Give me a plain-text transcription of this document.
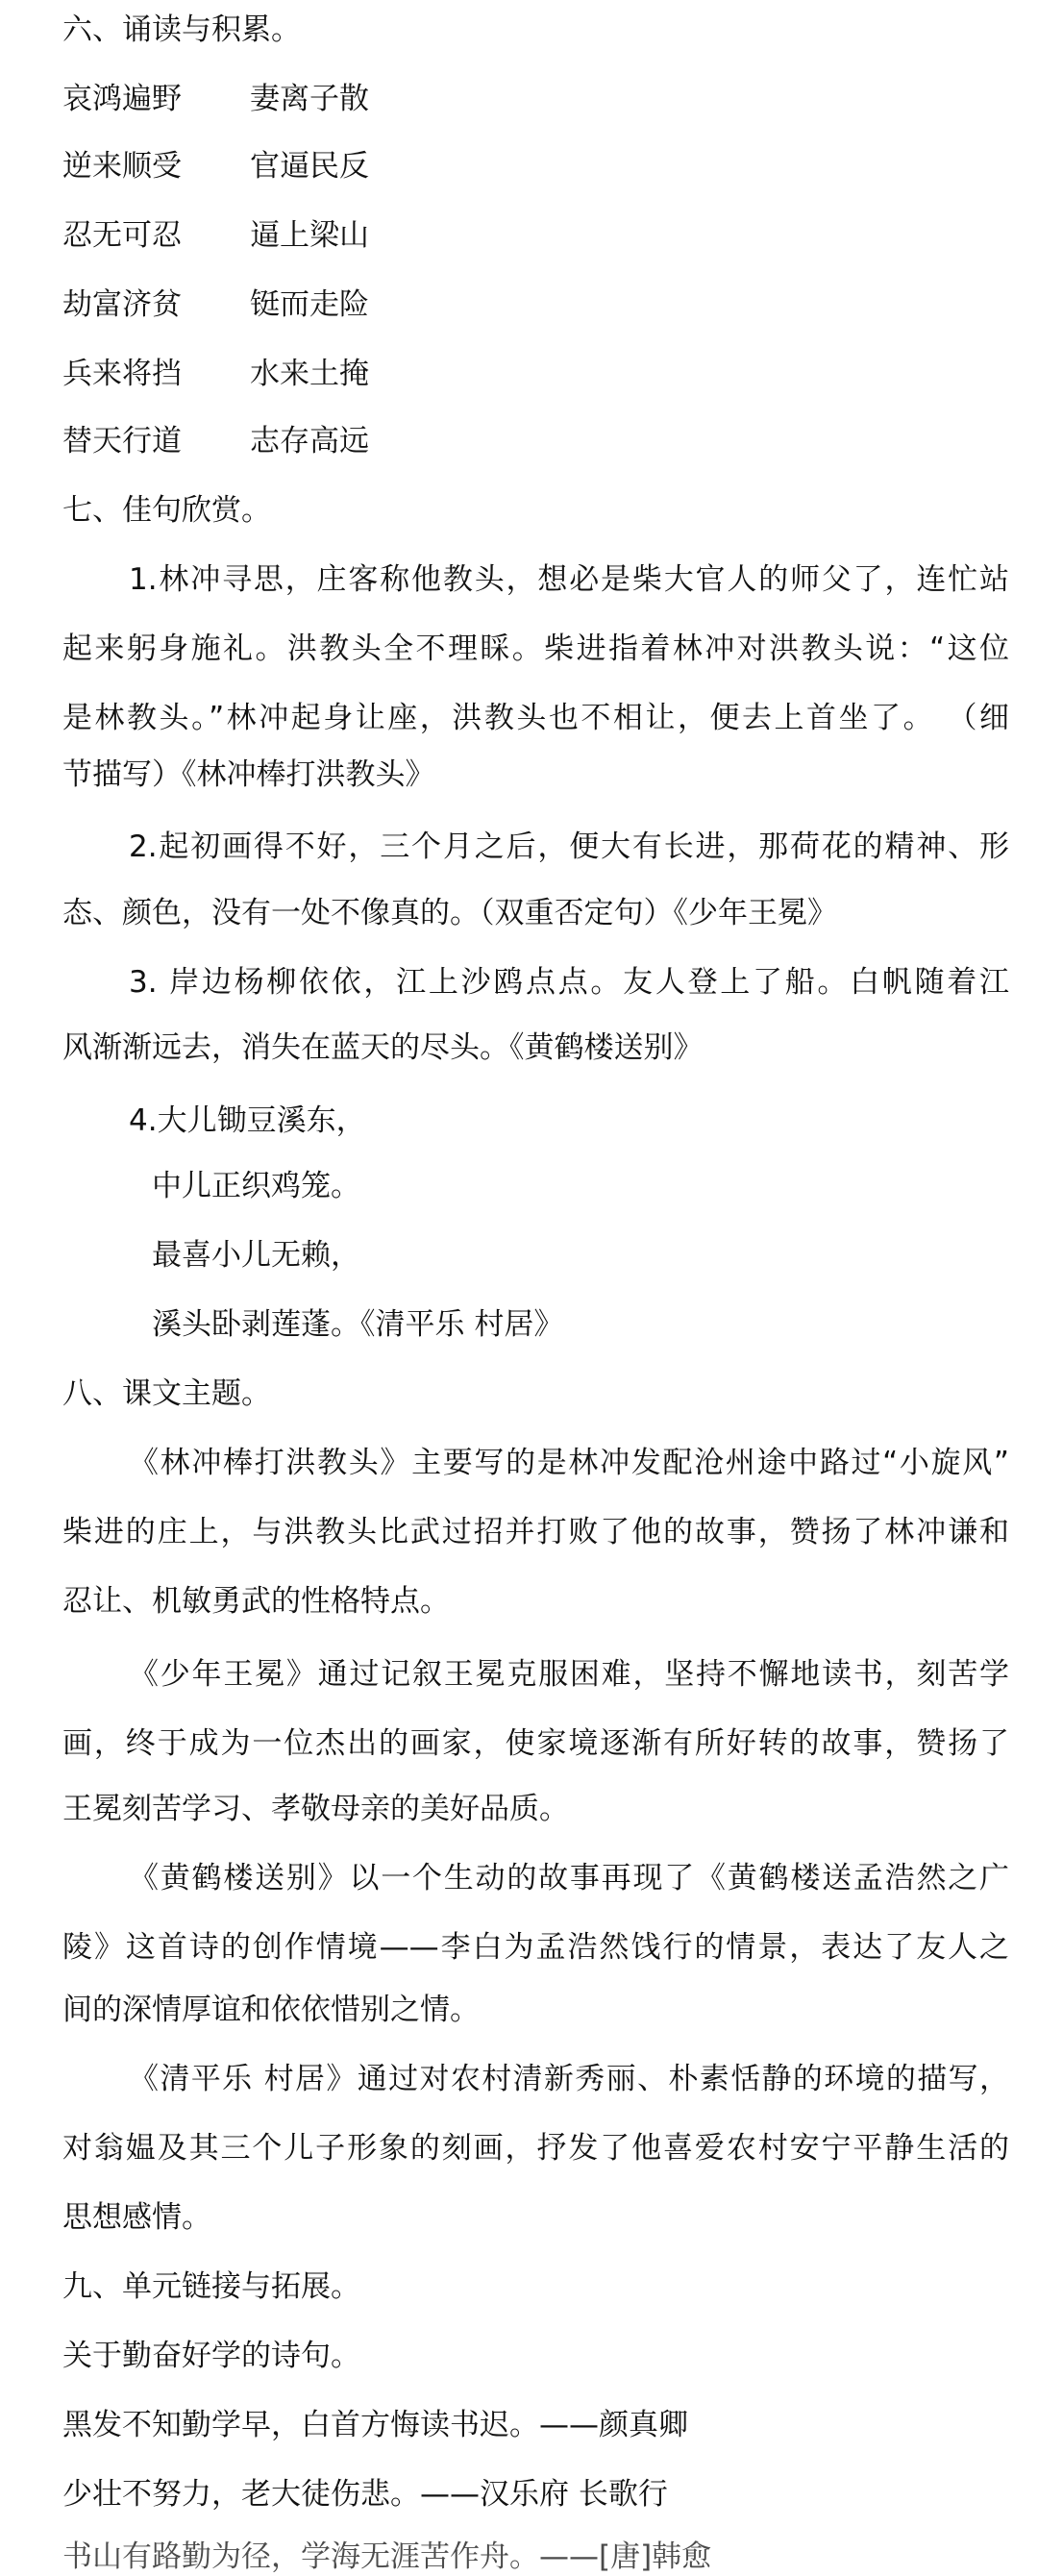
六、诵读与积累。
哀鸿遍野 妻离子散
逆来顺受 官逼民反
忍无可忍 逼上梁山
劫富济贫 铤而走险
兵来将挡 水来土掩
替天行道 志存高远
七、佳句欣赏。
1.林冲寻思，庄客称他教头，想必是柴大官人的师父了，连忙站
起来躬身施礼。洪教头全不理睬。柴进指着林冲对洪教头说：“这位
是林教头。”林冲起身让座，洪教头也不相让，便去上首坐了。 （细
节描写）《林冲棒打洪教头》
2.起初画得不好，三个月之后，便大有长进，那荷花的精神、形
态、颜色，没有一处不像真的。（双重否定句）《少年王冕》
3. 岸边杨柳依依，江上沙鸥点点。友人登上了船。白帆随着江
风渐渐远去，消失在蓝天的尽头。《黄鹤楼送别》
4.大儿锄豆溪东，
中儿正织鸡笼。
最喜小儿无赖，
溪头卧剥莲蓬。《清平乐 村居》
八、课文主题。
《林冲棒打洪教头》主要写的是林冲发配沧州途中路过“小旋风”
柴进的庄上，与洪教头比武过招并打败了他的故事，赞扬了林冲谦和
忍让、机敏勇武的性格特点。
《少年王冕》通过记叙王冕克服困难，坚持不懈地读书，刻苦学
画，终于成为一位杰出的画家，使家境逐渐有所好转的故事，赞扬了
王冕刻苦学习、孝敬母亲的美好品质。
《黄鹤楼送别》以一个生动的故事再现了《黄鹤楼送孟浩然之广
陵》这首诗的创作情境——李白为孟浩然饯行的情景，表达了友人之
间的深情厚谊和依依惜别之情。
《清平乐 村居》通过对农村清新秀丽、朴素恬静的环境的描写，
对翁媪及其三个儿子形象的刻画，抒发了他喜爱农村安宁平静生活的
思想感情。
九、单元链接与拓展。
关于勤奋好学的诗句。
黑发不知勤学早，白首方悔读书迟。——颜真卿
少壮不努力，老大徒伤悲。——汉乐府 长歌行
书山有路勤为径，学海无涯苦作舟。——[唐]韩愈
